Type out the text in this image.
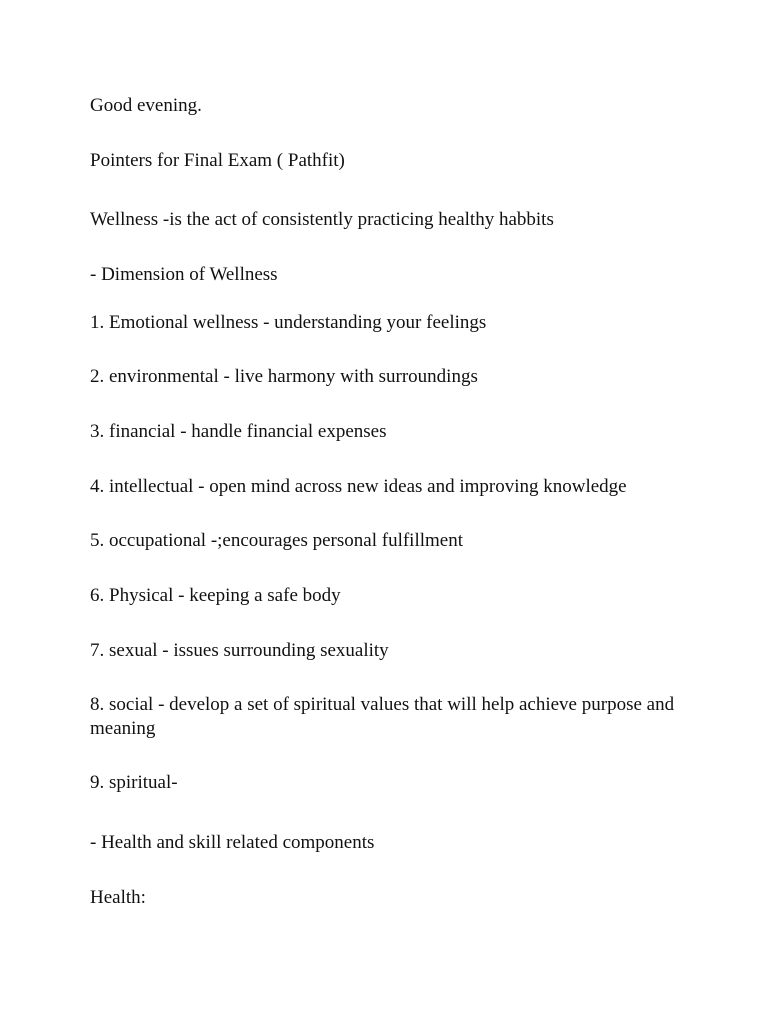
Good evening.
Pointers for Final Exam ( Pathfit)
Wellness -is the act of consistently practicing healthy habbits
- Dimension of Wellness
1. Emotional wellness - understanding your feelings
2. environmental - live harmony with surroundings
3. financial - handle financial expenses
4. intellectual - open mind across new ideas and improving knowledge
5. occupational -;encourages personal fulfillment
6. Physical - keeping a safe body
7. sexual - issues surrounding sexuality
8. social - develop a set of spiritual values that will help achieve purpose and meaning
9. spiritual-
- Health and skill related components
Health:
